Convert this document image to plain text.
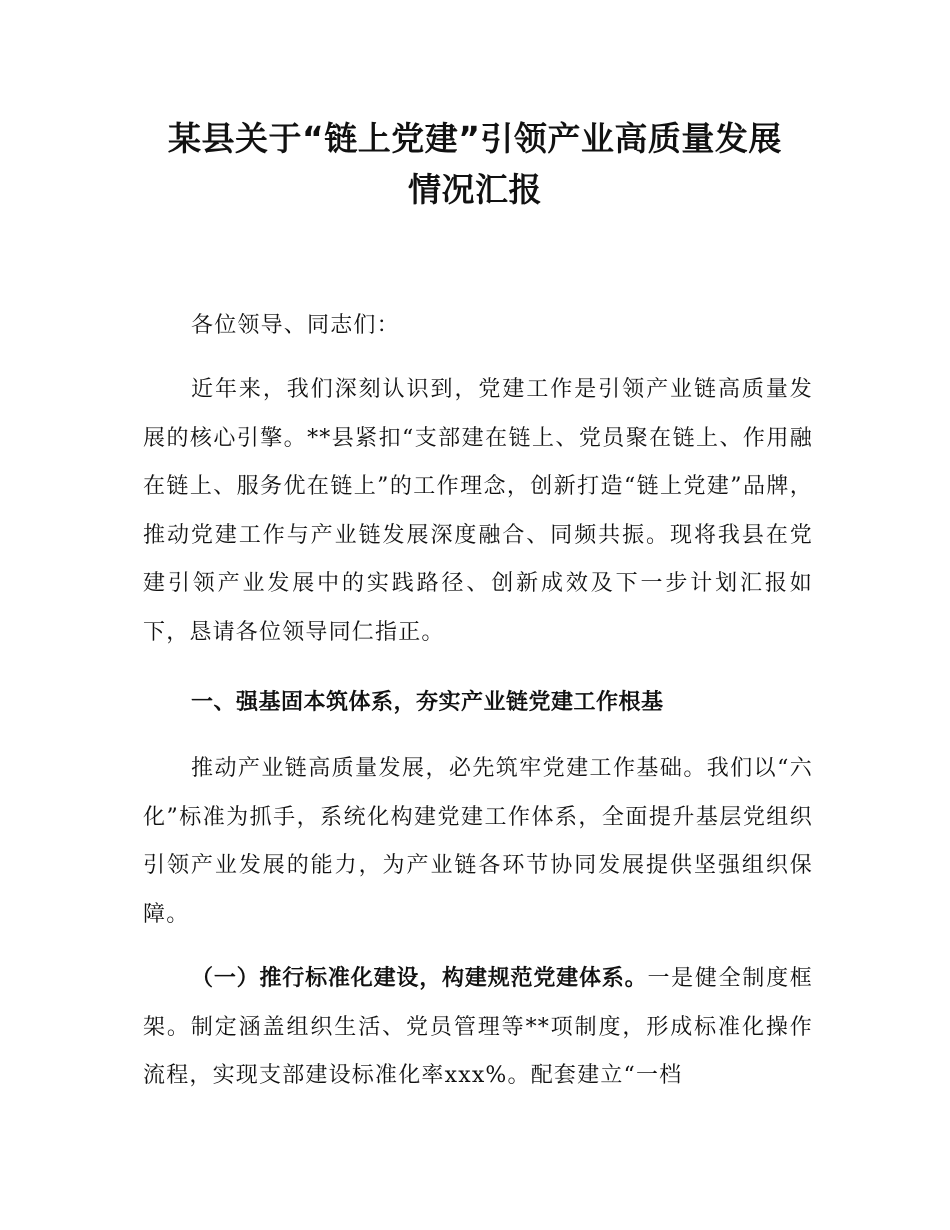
某县关于“链上党建”引领产业高质量发展
情况汇报

各位领导、同志们：

近年来，我们深刻认识到，党建工作是引领产业链高质量发展的核心引擎。**县紧扣“支部建在链上、党员聚在链上、作用融在链上、服务优在链上”的工作理念，创新打造“链上党建”品牌，推动党建工作与产业链发展深度融合、同频共振。现将我县在党建引领产业发展中的实践路径、创新成效及下一步计划汇报如下，恳请各位领导同仁指正。

一、强基固本筑体系，夯实产业链党建工作根基

推动产业链高质量发展，必先筑牢党建工作基础。我们以“六化”标准为抓手，系统化构建党建工作体系，全面提升基层党组织引领产业发展的能力，为产业链各环节协同发展提供坚强组织保障。

（一）推行标准化建设，构建规范党建体系。一是健全制度框架。制定涵盖组织生活、党员管理等**项制度，形成标准化操作流程，实现支部建设标准化率xxx%。配套建立“一档
